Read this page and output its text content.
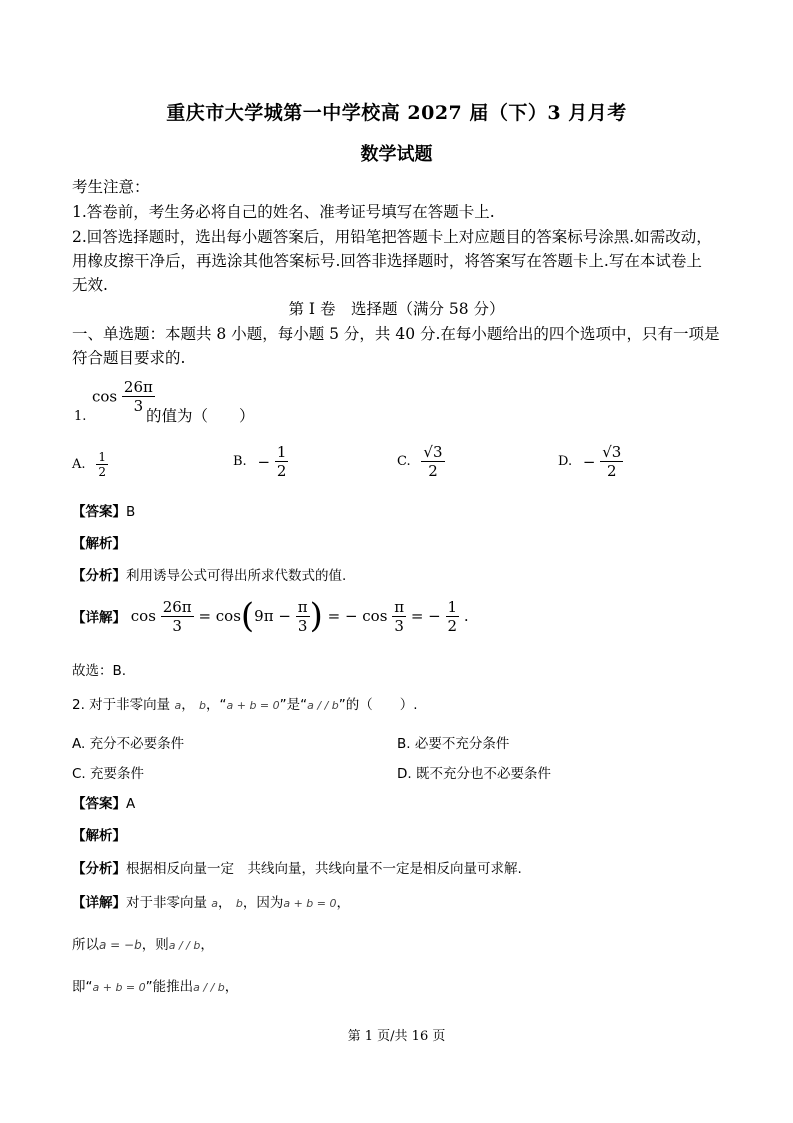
重庆市大学城第一中学校高 2027 届（下）3 月月考
数学试题
考生注意：
1.答卷前，考生务必将自己的姓名、准考证号填写在答题卡上.
2.回答选择题时，选出每小题答案后，用铅笔把答题卡上对应题目的答案标号涂黑.如需改动，
用橡皮擦干净后，再选涂其他答案标号.回答非选择题时，将答案写在答题卡上.写在本试卷上
无效.
第 I 卷　选择题（满分 58 分）
一、单选题：本题共 8 小题，每小题 5 分，共 40 分.在每小题给出的四个选项中，只有一项是
符合题目要求的.
$\cos \frac{26\pi}{3}$
1.	的值为（　　）
A. $\frac{1}{2}$	B. − $\frac{1}{2}$	C. $\frac{√3}{2}$	D. − $\frac{√3}{2}$
【答案】B
【解析】
【分析】利用诱导公式可得出所求代数式的值.
【详解】 $\cos \frac{26\pi}{3} = \cos(9\pi - \frac{\pi}{3}$ ) = − $\cos \frac{\pi}{3}$ = − $\frac{1}{2}$ .
故选：B.
2. 对于非零向量 a， b，“a + b = 0”是“a / / b”的（　　）.
A. 充分不必要条件	B. 必要不充分条件
C. 充要条件	D. 既不充分也不必要条件
【答案】A
【解析】
【分析】根据相反向量一定　共线向量，共线向量不一定是相反向量可求解.
【详解】对于非零向量 a， b，因为a + b = 0，
所以a = −b，则a / / b，
即“a + b = 0”能推出a / / b，
第 1 页/共 16 页
